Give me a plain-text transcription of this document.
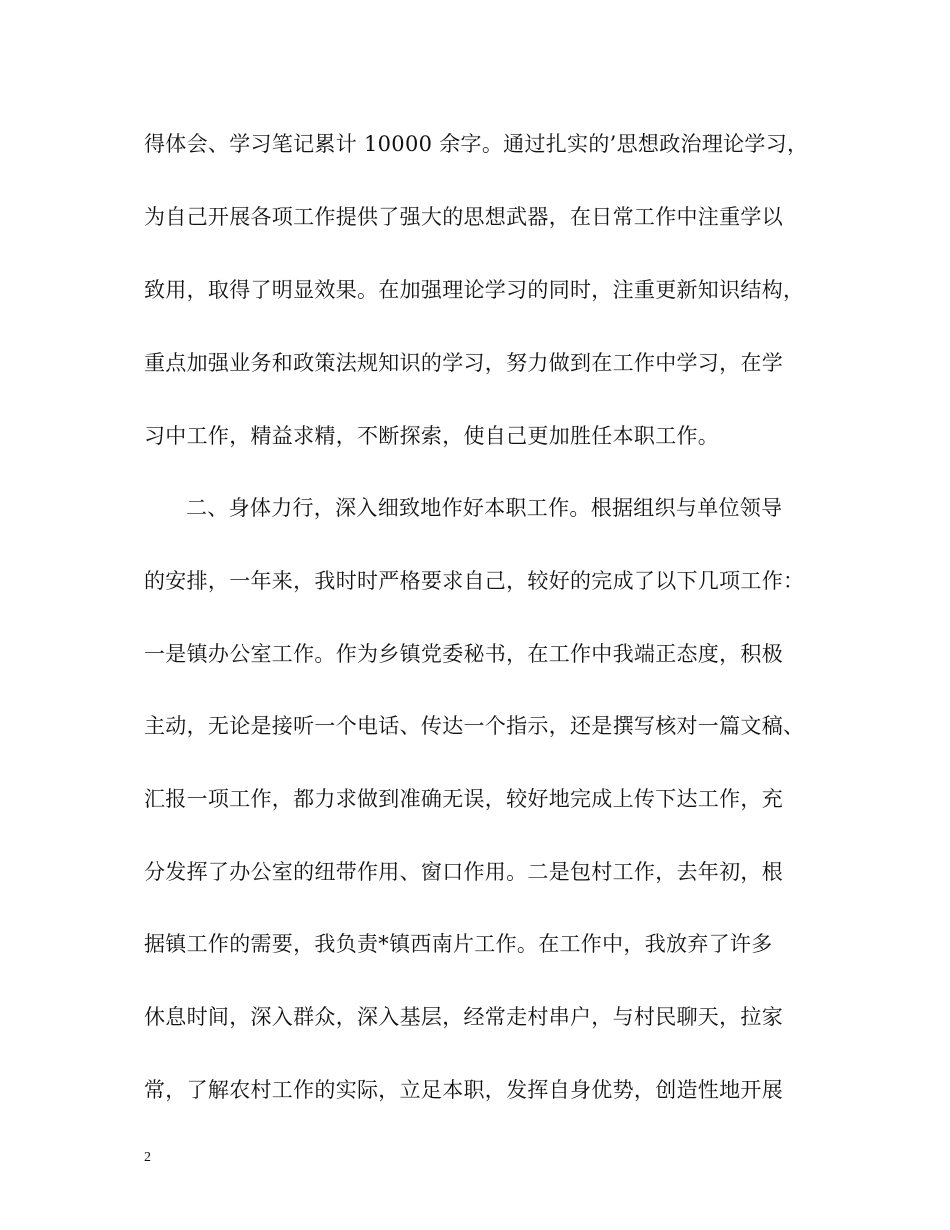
得体会、学习笔记累计 10000 余字。通过扎实的’思想政治理论学习，
为自己开展各项工作提供了强大的思想武器，在日常工作中注重学以
致用，取得了明显效果。在加强理论学习的同时，注重更新知识结构，
重点加强业务和政策法规知识的学习，努力做到在工作中学习，在学
习中工作，精益求精，不断探索，使自己更加胜任本职工作。
二、身体力行，深入细致地作好本职工作。根据组织与单位领导
的安排，一年来，我时时严格要求自己，较好的完成了以下几项工作：
一是镇办公室工作。作为乡镇党委秘书，在工作中我端正态度，积极
主动，无论是接听一个电话、传达一个指示，还是撰写核对一篇文稿、
汇报一项工作，都力求做到准确无误，较好地完成上传下达工作，充
分发挥了办公室的纽带作用、窗口作用。二是包村工作，去年初，根
据镇工作的需要，我负责*镇西南片工作。在工作中，我放弃了许多
休息时间，深入群众，深入基层，经常走村串户，与村民聊天，拉家
常，了解农村工作的实际，立足本职，发挥自身优势，创造性地开展
2
